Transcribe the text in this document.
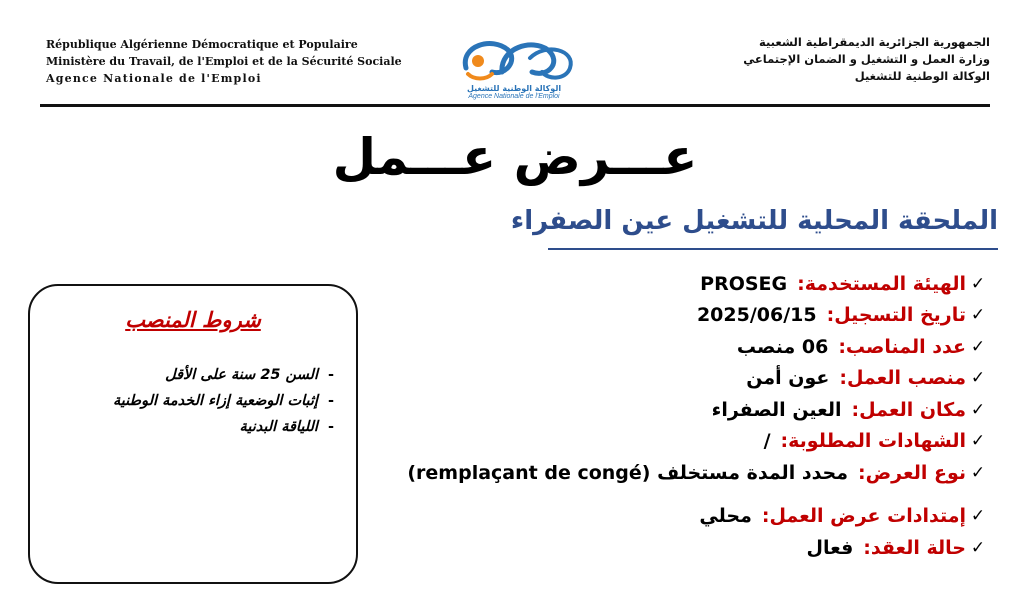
République Algérienne Démocratique et Populaire
Ministère du Travail, de l'Emploi et de la Sécurité Sociale
Agence Nationale de l'Emploi
الوكالة الوطنية للتشغيل
Agence Nationale de l'Emploi
الجمهورية الجزائرية الديمقراطية الشعبية
وزارة العمل و التشغيل و الضمان الإجتماعي
الوكالة الوطنية للتشغيل
عـــرض عـــمل
الملحقة المحلية للتشغيل عين الصفراء
✓
الهيئة المستخدمة:
PROSEG
✓
تاريخ التسجيل:
2025/06/15
✓
عدد المناصب:
06 منصب
✓
منصب العمل:
عون أمن
✓
مكان العمل:
العين الصفراء
✓
الشهادات المطلوبة:
/
✓
نوع العرض:
محدد المدة مستخلف (remplaçant de congé)
✓
إمتدادات عرض العمل:
محلي
✓
حالة العقد:
فعال
شروط المنصب
-السن 25 سنة على الأقل
-إثبات الوضعية إزاء الخدمة الوطنية
-اللياقة البدنية
